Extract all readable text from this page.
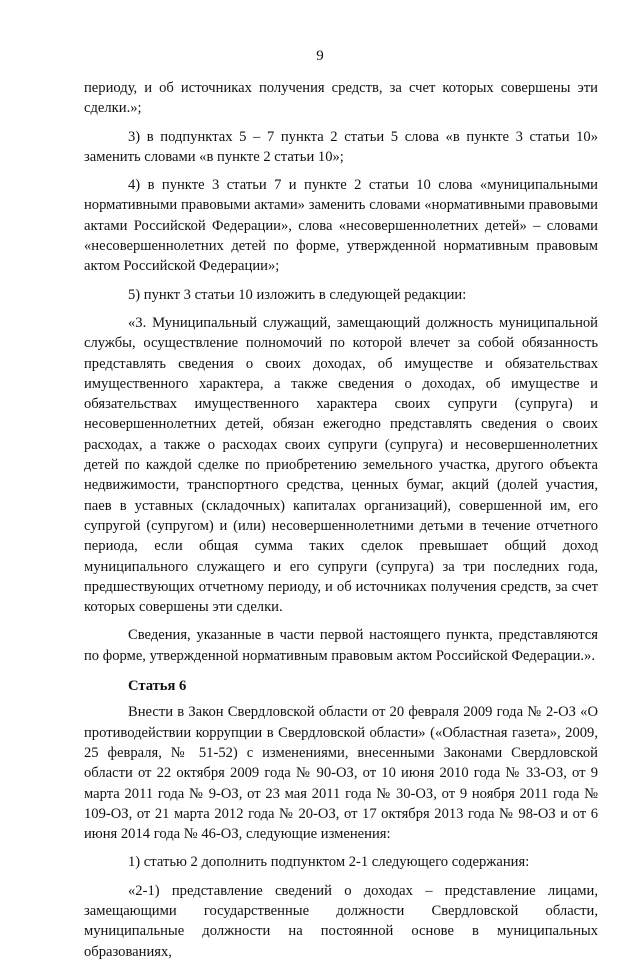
9

периоду, и об источниках получения средств, за счет которых совершены эти сделки.»;

3) в подпунктах 5 – 7 пункта 2 статьи 5 слова «в пункте 3 статьи 10» заменить словами «в пункте 2 статьи 10»;

4) в пункте 3 статьи 7 и пункте 2 статьи 10 слова «муниципальными нормативными правовыми актами» заменить словами «нормативными правовыми актами Российской Федерации», слова «несовершеннолетних детей» – словами «несовершеннолетних детей по форме, утвержденной нормативным правовым актом Российской Федерации»;

5) пункт 3 статьи 10 изложить в следующей редакции:

«3. Муниципальный служащий, замещающий должность муниципальной службы, осуществление полномочий по которой влечет за собой обязанность представлять сведения о своих доходах, об имуществе и обязательствах имущественного характера, а также сведения о доходах, об имуществе и обязательствах имущественного характера своих супруги (супруга) и несовершеннолетних детей, обязан ежегодно представлять сведения о своих расходах, а также о расходах своих супруги (супруга) и несовершеннолетних детей по каждой сделке по приобретению земельного участка, другого объекта недвижимости, транспортного средства, ценных бумаг, акций (долей участия, паев в уставных (складочных) капиталах организаций), совершенной им, его супругой (супругом) и (или) несовершеннолетними детьми в течение отчетного периода, если общая сумма таких сделок превышает общий доход муниципального служащего и его супруги (супруга) за три последних года, предшествующих отчетному периоду, и об источниках получения средств, за счет которых совершены эти сделки.

Сведения, указанные в части первой настоящего пункта, представляются по форме, утвержденной нормативным правовым актом Российской Федерации.».

Статья 6

Внести в Закон Свердловской области от 20 февраля 2009 года № 2-ОЗ «О противодействии коррупции в Свердловской области» («Областная газета», 2009, 25 февраля, № 51-52) с изменениями, внесенными Законами Свердловской области от 22 октября 2009 года № 90-ОЗ, от 10 июня 2010 года № 33-ОЗ, от 9 марта 2011 года № 9-ОЗ, от 23 мая 2011 года № 30-ОЗ, от 9 ноября 2011 года № 109-ОЗ, от 21 марта 2012 года № 20-ОЗ, от 17 октября 2013 года № 98-ОЗ и от 6 июня 2014 года № 46-ОЗ, следующие изменения:

1) статью 2 дополнить подпунктом 2-1 следующего содержания:

«2-1) представление сведений о доходах – представление лицами, замещающими государственные должности Свердловской области, муниципальные должности на постоянной основе в муниципальных образованиях,
